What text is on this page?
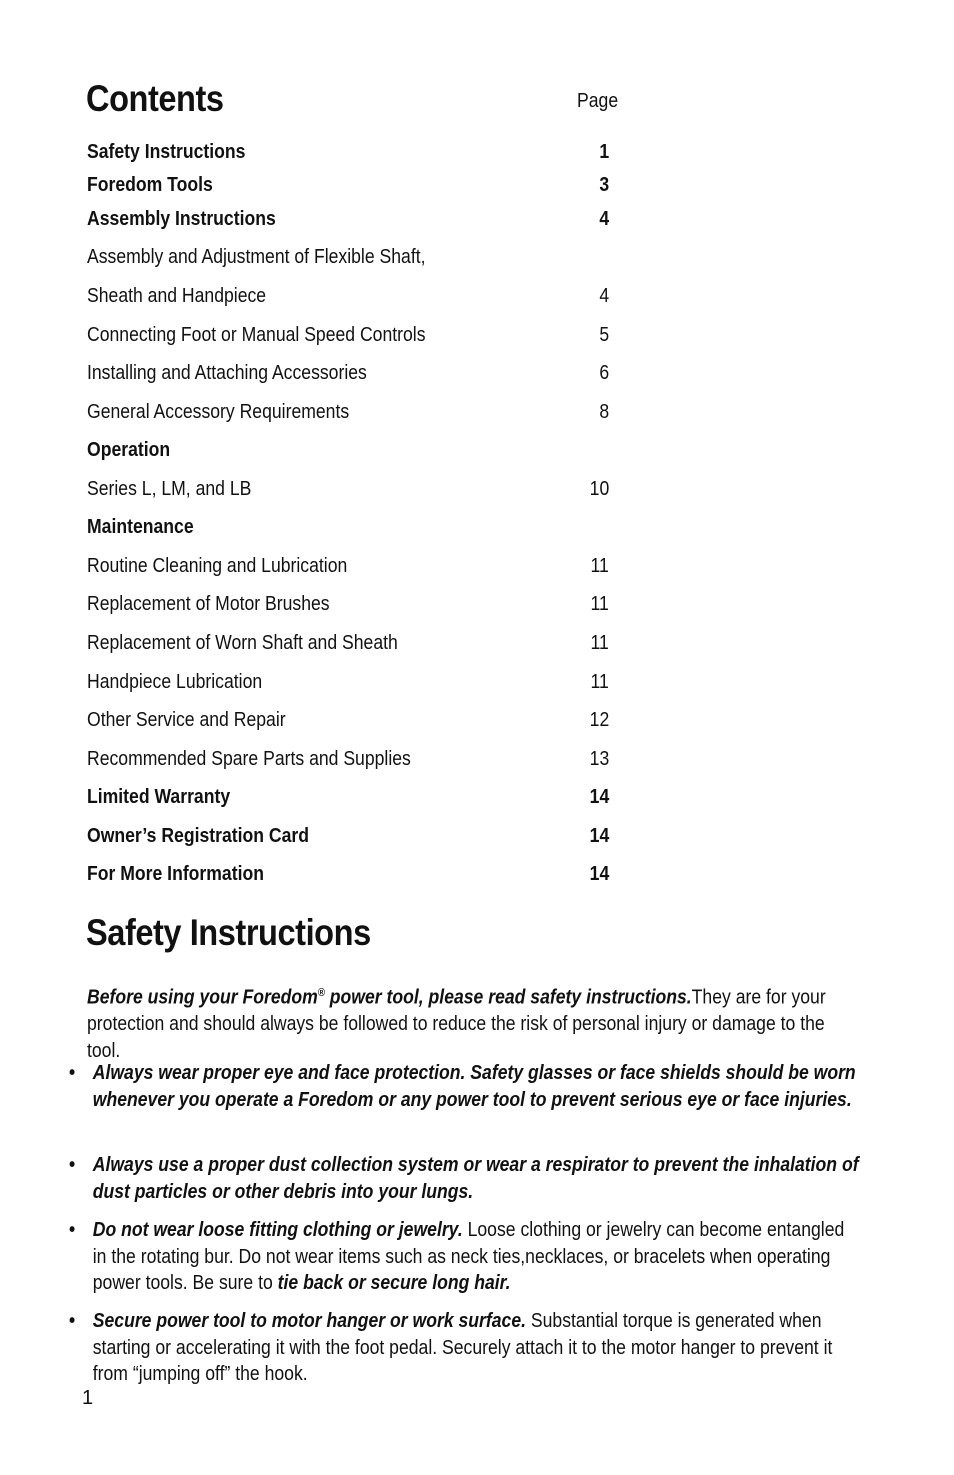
Contents	Page
Safety Instructions	1
Foredom Tools	3
Assembly Instructions	4
Assembly and Adjustment of Flexible Shaft,
Sheath and Handpiece	4
Connecting Foot or Manual Speed Controls	5
Installing and Attaching Accessories	6
General Accessory Requirements	8
Operation
Series L, LM, and LB	10
Maintenance
Routine Cleaning and Lubrication	11
Replacement of Motor Brushes	11
Replacement of Worn Shaft and Sheath	11
Handpiece Lubrication	11
Other Service and Repair	12
Recommended Spare Parts and Supplies	13
Limited Warranty	14
Owner’s Registration Card	14
For More Information	14
Safety Instructions

Before using your Foredom® power tool, please read safety instructions.They are for your protection and should always be followed to reduce the risk of personal injury or damage to the tool.

• Always wear proper eye and face protection. Safety glasses or face shields should be worn whenever you operate a Foredom or any power tool to prevent serious eye or face injuries.

• Always use a proper dust collection system or wear a respirator to prevent the inhalation of dust particles or other debris into your lungs.

• Do not wear loose fitting clothing or jewelry. Loose clothing or jewelry can become entangled in the rotating bur. Do not wear items such as neck ties,necklaces, or bracelets when operating power tools. Be sure to tie back or secure long hair.

• Secure power tool to motor hanger or work surface. Substantial torque is generated when starting or accelerating it with the foot pedal. Securely attach it to the motor hanger to prevent it from “jumping off” the hook.

1
